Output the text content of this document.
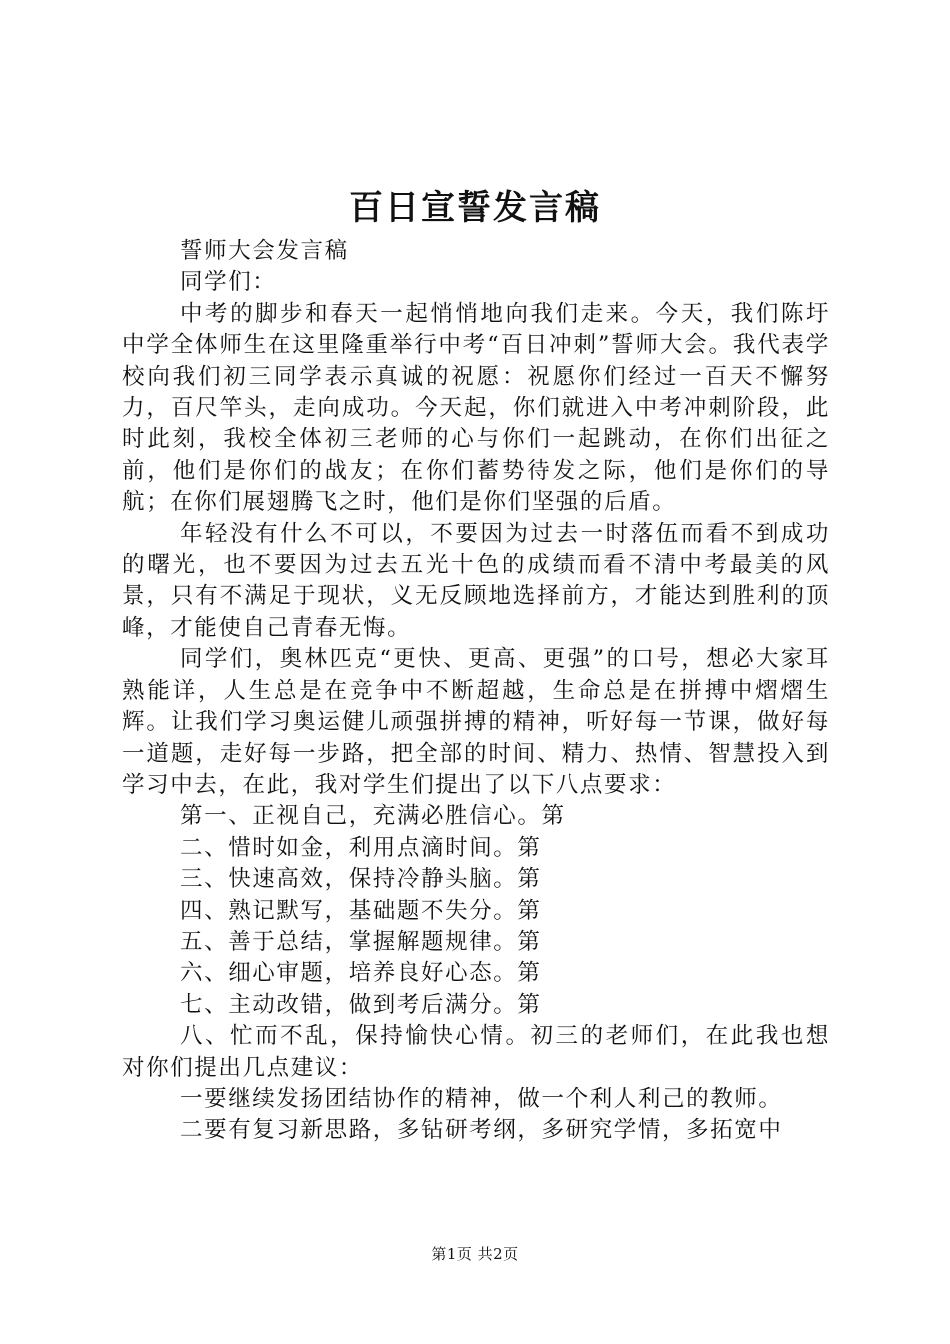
百日宣誓发言稿

誓师大会发言稿

同学们：

中考的脚步和春天一起悄悄地向我们走来。今天，我们陈圩中学全体师生在这里隆重举行中考“百日冲刺”誓师大会。我代表学校向我们初三同学表示真诚的祝愿：祝愿你们经过一百天不懈努力，百尺竿头，走向成功。今天起，你们就进入中考冲刺阶段，此时此刻，我校全体初三老师的心与你们一起跳动，在你们出征之前，他们是你们的战友；在你们蓄势待发之际，他们是你们的导航；在你们展翅腾飞之时，他们是你们坚强的后盾。

年轻没有什么不可以，不要因为过去一时落伍而看不到成功的曙光，也不要因为过去五光十色的成绩而看不清中考最美的风景，只有不满足于现状，义无反顾地选择前方，才能达到胜利的顶峰，才能使自己青春无悔。

同学们，奥林匹克“更快、更高、更强”的口号，想必大家耳熟能详，人生总是在竞争中不断超越，生命总是在拼搏中熠熠生辉。让我们学习奥运健儿顽强拼搏的精神，听好每一节课，做好每一道题，走好每一步路，把全部的时间、精力、热情、智慧投入到学习中去，在此，我对学生们提出了以下八点要求：

第一、正视自己，充满必胜信心。第

二、惜时如金，利用点滴时间。第

三、快速高效，保持冷静头脑。第

四、熟记默写，基础题不失分。第

五、善于总结，掌握解题规律。第

六、细心审题，培养良好心态。第

七、主动改错，做到考后满分。第

八、忙而不乱，保持愉快心情。初三的老师们，在此我也想对你们提出几点建议：

一要继续发扬团结协作的精神，做一个利人利己的教师。

二要有复习新思路，多钻研考纲，多研究学情，多拓宽中

第1页 共2页
